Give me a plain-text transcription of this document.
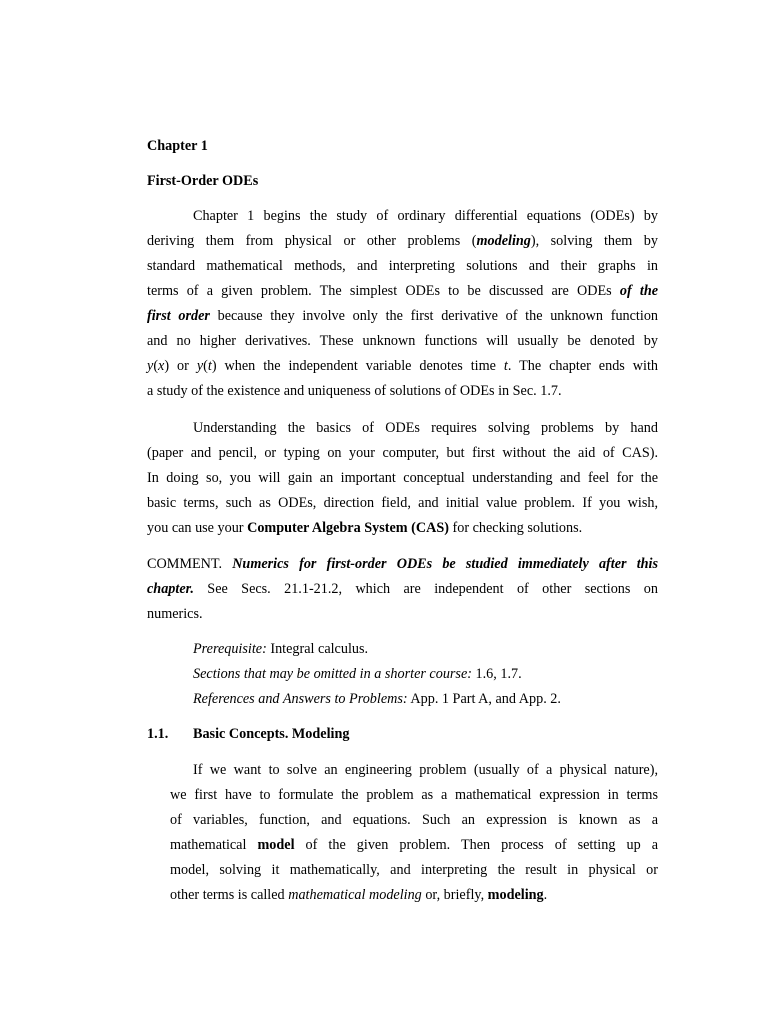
Chapter 1
First-Order ODEs
Chapter 1 begins the study of ordinary differential equations (ODEs) by
deriving them from physical or other problems (modeling), solving them by
standard mathematical methods, and interpreting solutions and their graphs in
terms of a given problem. The simplest ODEs to be discussed are ODEs of the
first order because they involve only the first derivative of the unknown function
and no higher derivatives. These unknown functions will usually be denoted by
y(x) or y(t) when the independent variable denotes time t. The chapter ends with
a study of the existence and uniqueness of solutions of ODEs in Sec. 1.7.
Understanding the basics of ODEs requires solving problems by hand
(paper and pencil, or typing on your computer, but first without the aid of CAS).
In doing so, you will gain an important conceptual understanding and feel for the
basic terms, such as ODEs, direction field, and initial value problem. If you wish,
you can use your Computer Algebra System (CAS) for checking solutions.
COMMENT. Numerics for first-order ODEs be studied immediately after this
chapter. See Secs. 21.1-21.2, which are independent of other sections on
numerics.
Prerequisite: Integral calculus.
Sections that may be omitted in a shorter course: 1.6, 1.7.
References and Answers to Problems: App. 1 Part A, and App. 2.
1.1. Basic Concepts. Modeling
If we want to solve an engineering problem (usually of a physical nature),
we first have to formulate the problem as a mathematical expression in terms
of variables, function, and equations. Such an expression is known as a
mathematical model of the given problem. Then process of setting up a
model, solving it mathematically, and interpreting the result in physical or
other terms is called mathematical modeling or, briefly, modeling.
